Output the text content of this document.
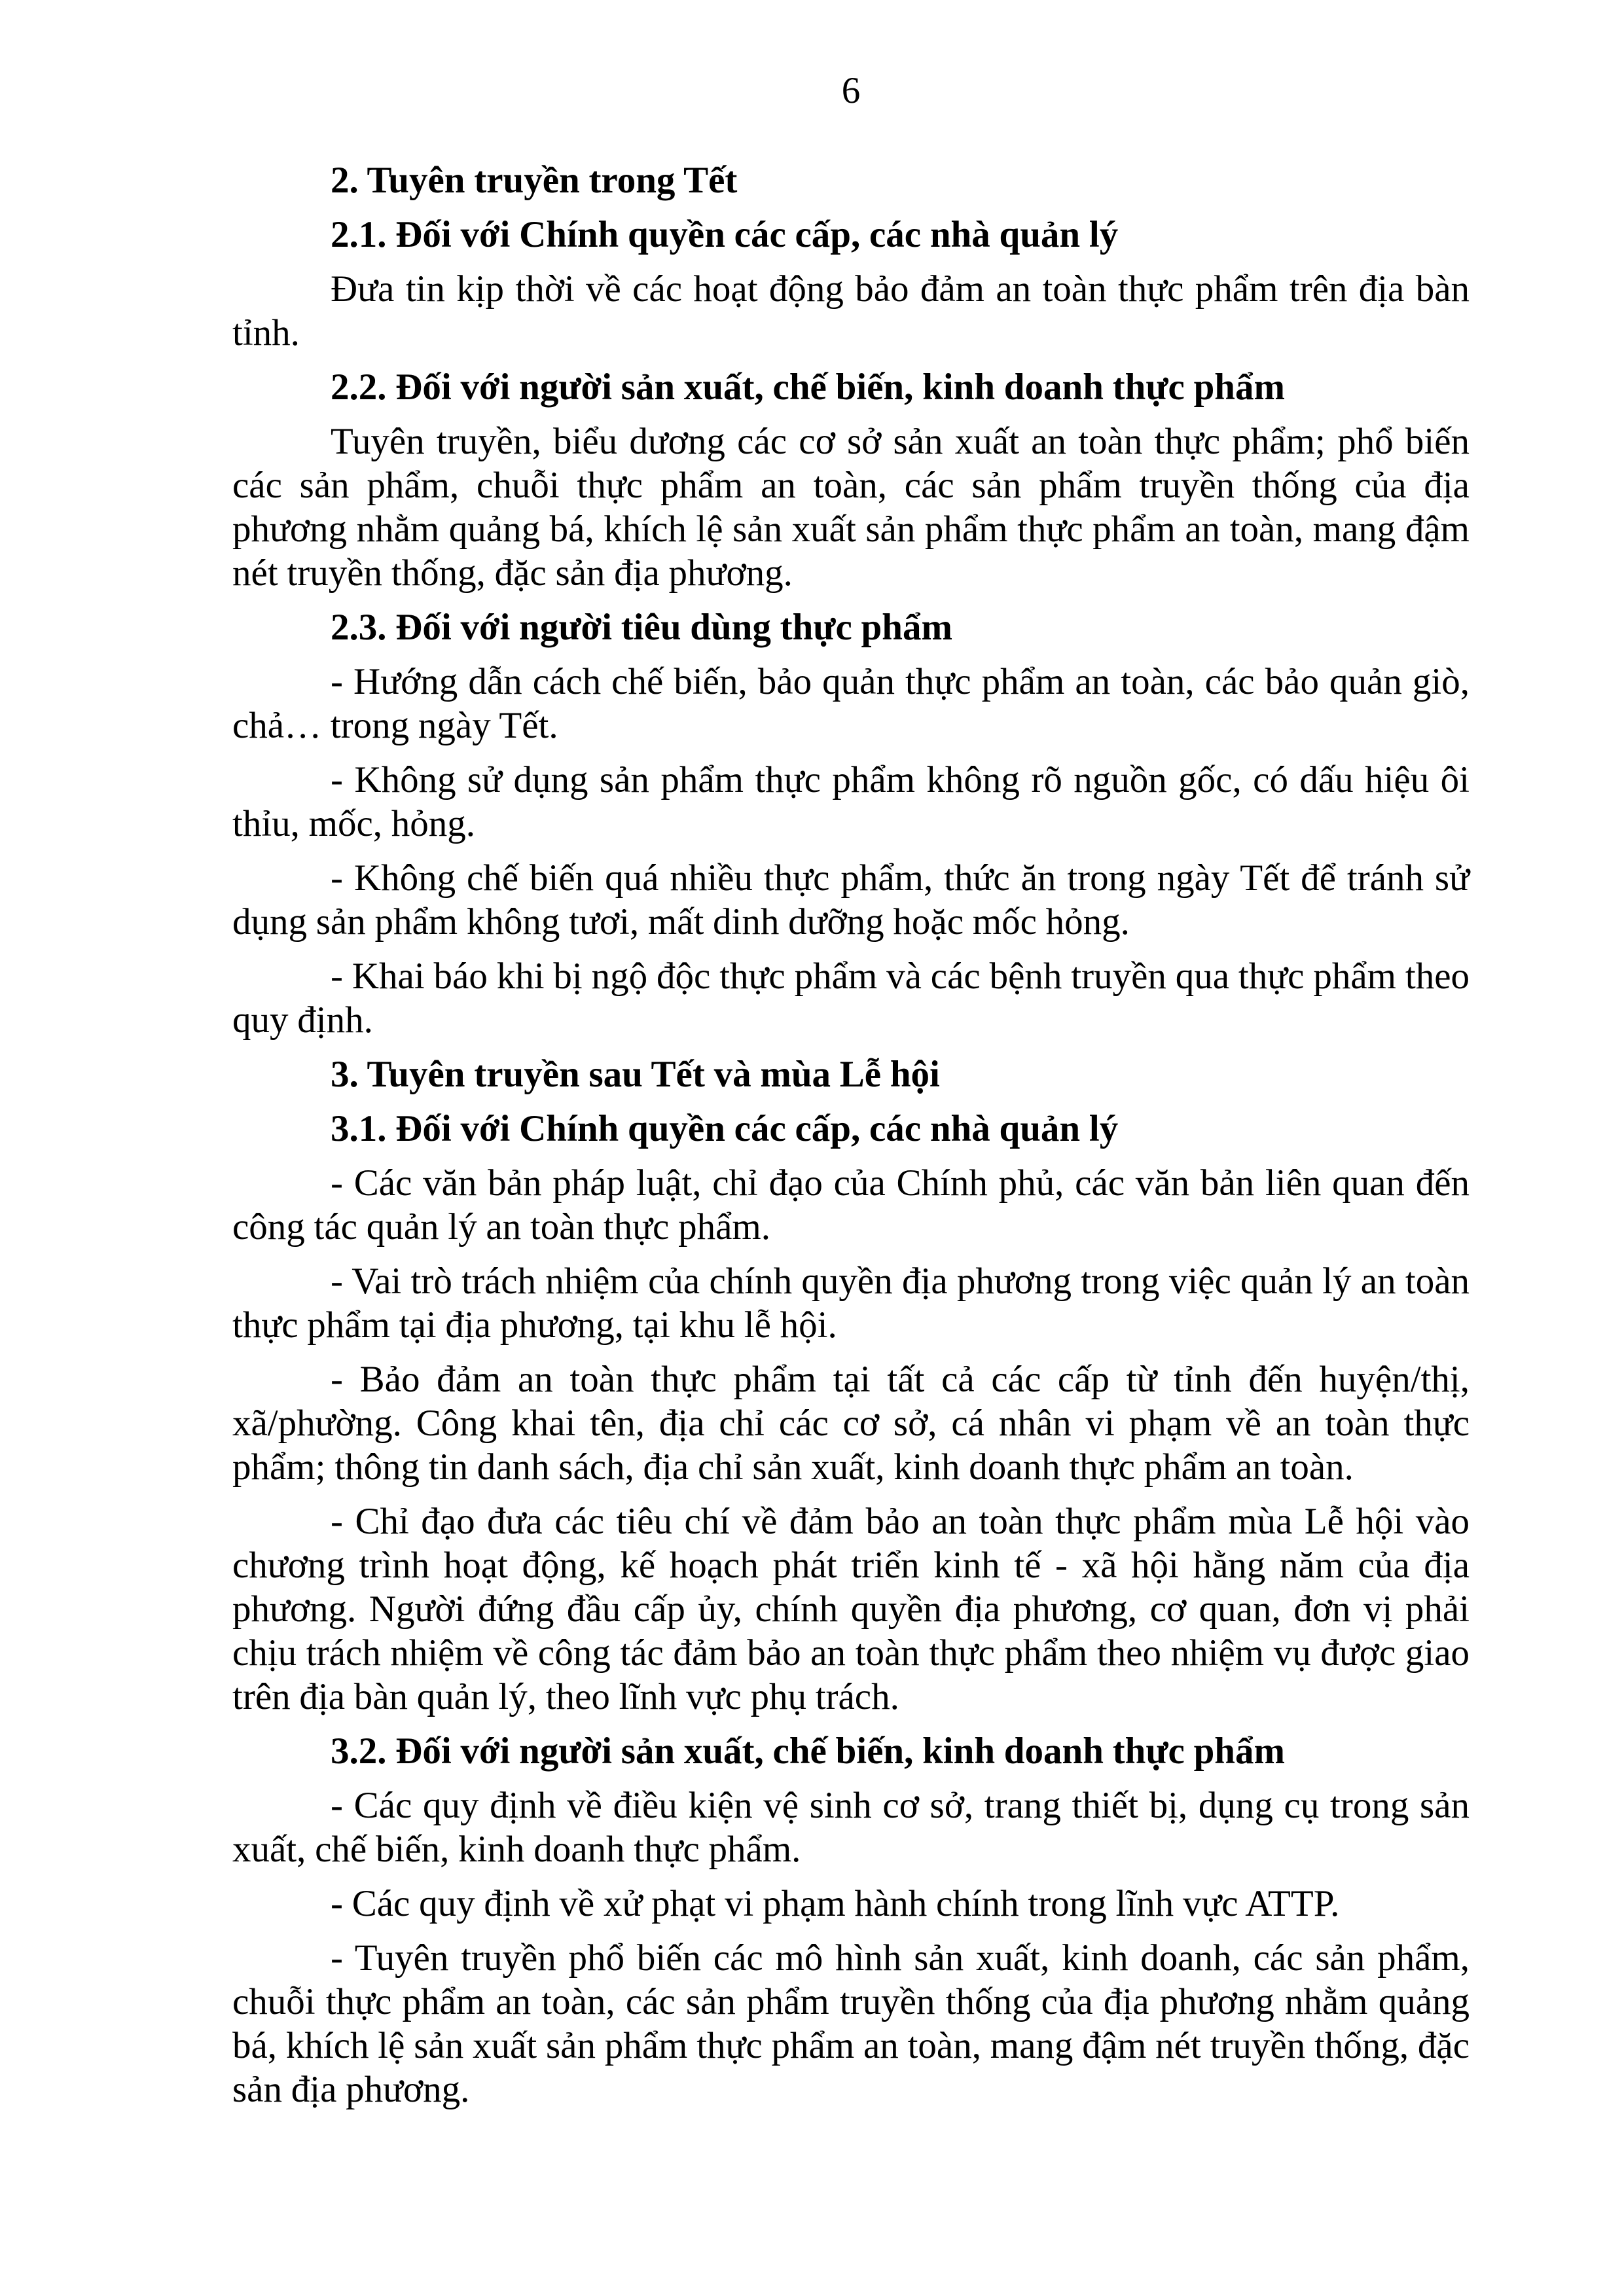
6

2. Tuyên truyền trong Tết

2.1. Đối với Chính quyền các cấp, các nhà quản lý

Đưa tin kịp thời về các hoạt động bảo đảm an toàn thực phẩm trên địa bàn tỉnh.

2.2. Đối với người sản xuất, chế biến, kinh doanh thực phẩm

Tuyên truyền, biểu dương các cơ sở sản xuất an toàn thực phẩm; phổ biến các sản phẩm, chuỗi thực phẩm an toàn, các sản phẩm truyền thống của địa phương nhằm quảng bá, khích lệ sản xuất sản phẩm thực phẩm an toàn, mang đậm nét truyền thống, đặc sản địa phương.

2.3. Đối với người tiêu dùng thực phẩm

- Hướng dẫn cách chế biến, bảo quản thực phẩm an toàn, các bảo quản giò, chả… trong ngày Tết.

- Không sử dụng sản phẩm thực phẩm không rõ nguồn gốc, có dấu hiệu ôi thỉu, mốc, hỏng.

- Không chế biến quá nhiều thực phẩm, thức ăn trong ngày Tết để tránh sử dụng sản phẩm không tươi, mất dinh dưỡng hoặc mốc hỏng.

- Khai báo khi bị ngộ độc thực phẩm và các bệnh truyền qua thực phẩm theo quy định.

3. Tuyên truyền sau Tết và mùa Lễ hội

3.1. Đối với Chính quyền các cấp, các nhà quản lý

- Các văn bản pháp luật, chỉ đạo của Chính phủ, các văn bản liên quan đến công tác quản lý an toàn thực phẩm.

- Vai trò trách nhiệm của chính quyền địa phương trong việc quản lý an toàn thực phẩm tại địa phương, tại khu lễ hội.

- Bảo đảm an toàn thực phẩm tại tất cả các cấp từ tỉnh đến huyện/thị, xã/phường. Công khai tên, địa chỉ các cơ sở, cá nhân vi phạm về an toàn thực phẩm; thông tin danh sách, địa chỉ sản xuất, kinh doanh thực phẩm an toàn.

- Chỉ đạo đưa các tiêu chí về đảm bảo an toàn thực phẩm mùa Lễ hội vào chương trình hoạt động, kế hoạch phát triển kinh tế - xã hội hằng năm của địa phương. Người đứng đầu cấp ủy, chính quyền địa phương, cơ quan, đơn vị phải chịu trách nhiệm về công tác đảm bảo an toàn thực phẩm theo nhiệm vụ được giao trên địa bàn quản lý, theo lĩnh vực phụ trách.

3.2. Đối với người sản xuất, chế biến, kinh doanh thực phẩm

- Các quy định về điều kiện vệ sinh cơ sở, trang thiết bị, dụng cụ trong sản xuất, chế biến, kinh doanh thực phẩm.

- Các quy định về xử phạt vi phạm hành chính trong lĩnh vực ATTP.

- Tuyên truyền phổ biến các mô hình sản xuất, kinh doanh, các sản phẩm, chuỗi thực phẩm an toàn, các sản phẩm truyền thống của địa phương nhằm quảng bá, khích lệ sản xuất sản phẩm thực phẩm an toàn, mang đậm nét truyền thống, đặc sản địa phương.
